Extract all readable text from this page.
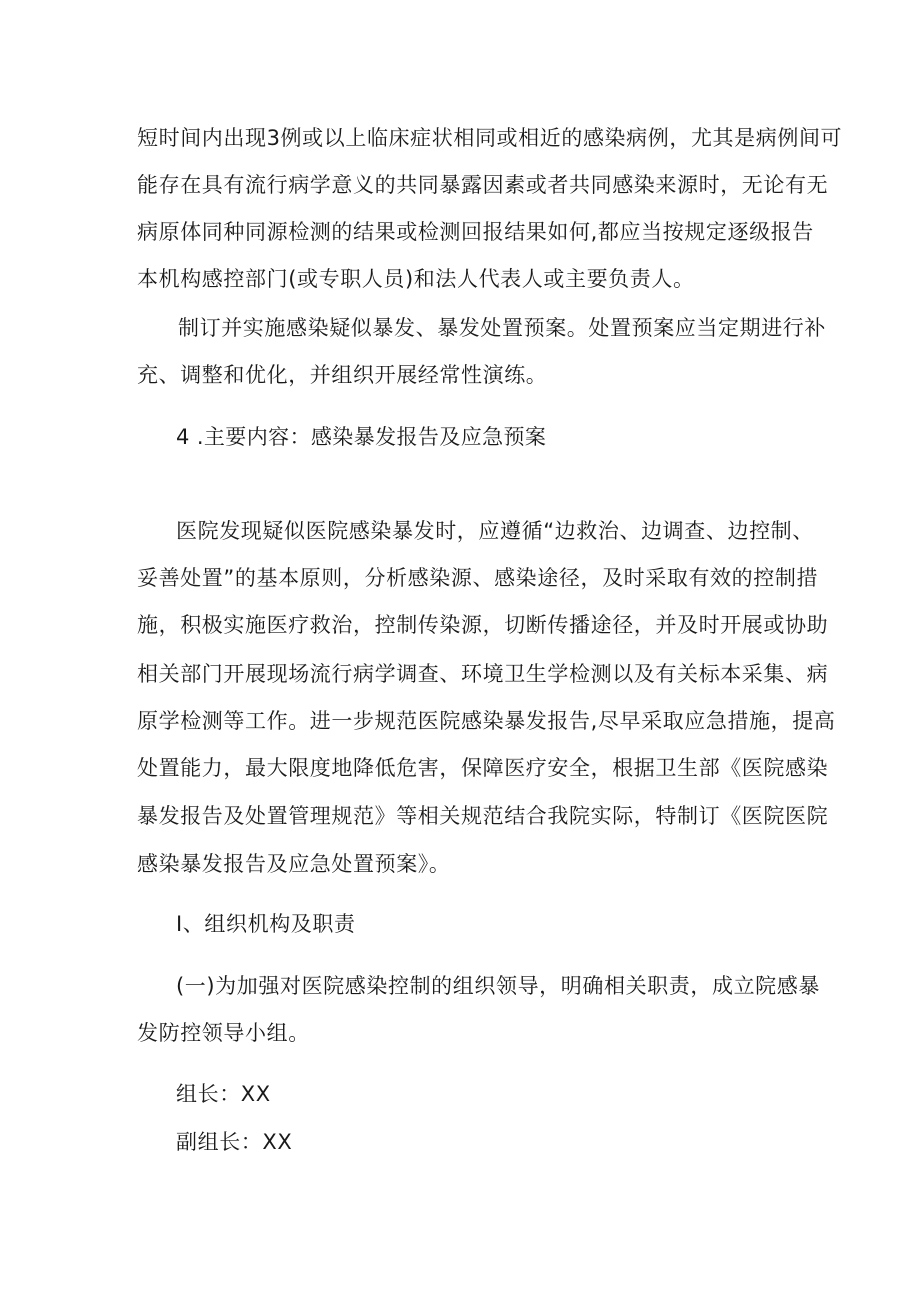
短时间内出现3例或以上临床症状相同或相近的感染病例，尤其是病例间可
能存在具有流行病学意义的共同暴露因素或者共同感染来源时，无论有无
病原体同种同源检测的结果或检测回报结果如何,都应当按规定逐级报告
本机构感控部门(或专职人员)和法人代表人或主要负责人。
制订并实施感染疑似暴发、暴发处置预案。处置预案应当定期进行补
充、调整和优化，并组织开展经常性演练。
4 .主要内容：感染暴发报告及应急预案
医院发现疑似医院感染暴发时，应遵循“边救治、边调查、边控制、
妥善处置”的基本原则，分析感染源、感染途径，及时采取有效的控制措
施，积极实施医疗救治，控制传染源，切断传播途径，并及时开展或协助
相关部门开展现场流行病学调查、环境卫生学检测以及有关标本采集、病
原学检测等工作。进一步规范医院感染暴发报告,尽早采取应急措施，提高
处置能力，最大限度地降低危害，保障医疗安全，根据卫生部《医院感染
暴发报告及处置管理规范》等相关规范结合我院实际，特制订《医院医院
感染暴发报告及应急处置预案》。
I、组织机构及职责
(一)为加强对医院感染控制的组织领导，明确相关职责，成立院感暴
发防控领导小组。
组长：XX
副组长：XX
